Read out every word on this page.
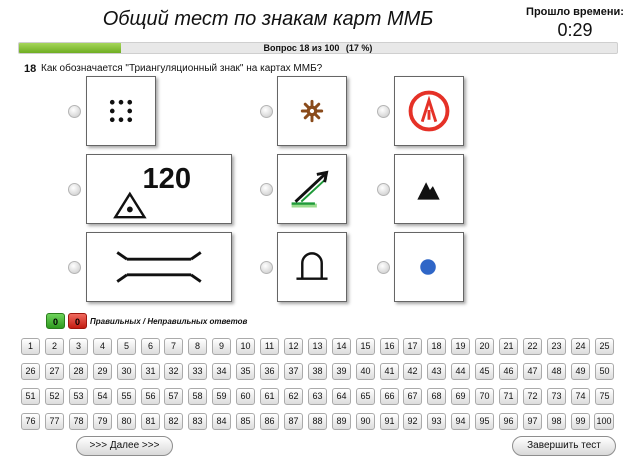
Общий тест по знакам карт ММБ	Прошло времени:
0:29
Вопрос 18 из 100 (17 %)
18 Как обозначается "Триангуляционный знак" на картах ММБ?
120
0	0	Правильных / Неправильных ответов
1	2	3	4	5	6	7	8	9	10	11	12	13	14	15	16	17	18	19	20	21	22	23	24	25
26	27	28	29	30	31	32	33	34	35	36	37	38	39	40	41	42	43	44	45	46	47	48	49	50
51	52	53	54	55	56	57	58	59	60	61	62	63	64	65	66	67	68	69	70	71	72	73	74	75
76	77	78	79	80	81	82	83	84	85	86	87	88	89	90	91	92	93	94	95	96	97	98	99	100
>>> Далее >>>	Завершить тест
